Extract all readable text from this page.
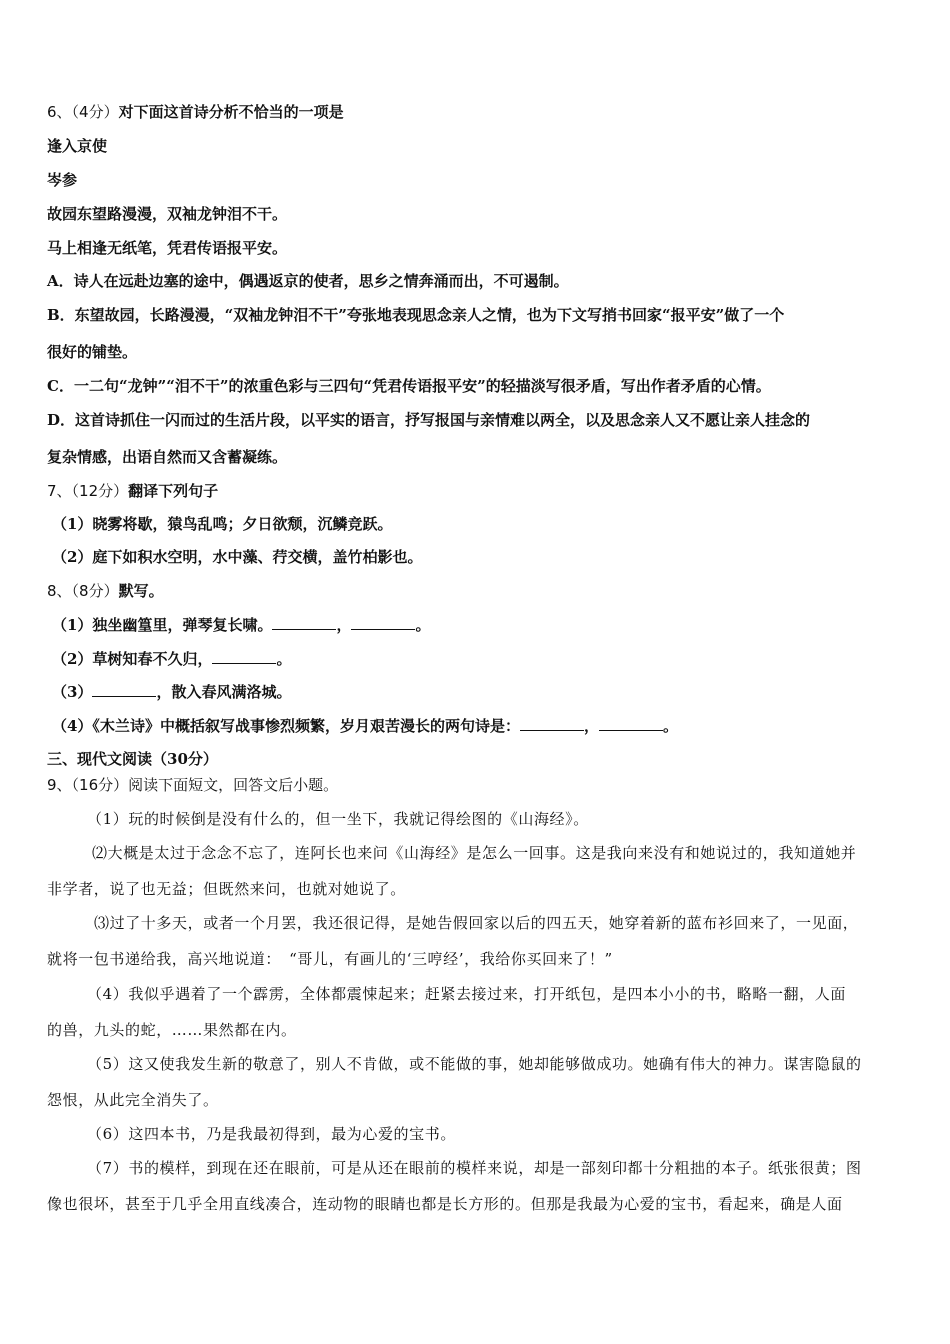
6、（4分）对下面这首诗分析不恰当的一项是
逢入京使
岑参
故园东望路漫漫，双袖龙钟泪不干。
马上相逢无纸笔，凭君传语报平安。
A．诗人在远赴边塞的途中，偶遇返京的使者，思乡之情奔涌而出，不可遏制。
B．东望故园，长路漫漫，“双袖龙钟泪不干”夸张地表现思念亲人之情，也为下文写捎书回家“报平安”做了一个
很好的铺垫。
C．一二句“龙钟”“泪不干”的浓重色彩与三四句“凭君传语报平安”的轻描淡写很矛盾，写出作者矛盾的心情。
D．这首诗抓住一闪而过的生活片段，以平实的语言，抒写报国与亲情难以两全，以及思念亲人又不愿让亲人挂念的
复杂情感，出语自然而又含蓄凝练。
7、（12分）翻译下列句子
（1）晓雾将歇，猿鸟乱鸣；夕日欲颓，沉鳞竞跃。
（2）庭下如积水空明，水中藻、荇交横，盖竹柏影也。
8、（8分）默写。
（1）独坐幽篁里，弹琴复长啸。	，	。
（2）草树知春不久归，	。
（3）	，散入春风满洛城。
（4）《木兰诗》中概括叙写战事惨烈频繁，岁月艰苦漫长的两句诗是：	，	。
三、现代文阅读（30分）
9、（16分）阅读下面短文，回答文后小题。
（1）玩的时候倒是没有什么的，但一坐下，我就记得绘图的《山海经》。
⑵大概是太过于念念不忘了，连阿长也来问《山海经》是怎么一回事。这是我向来没有和她说过的，我知道她并
非学者，说了也无益；但既然来问，也就对她说了。
⑶过了十多天，或者一个月罢，我还很记得，是她告假回家以后的四五天，她穿着新的蓝布衫回来了，一见面，
就将一包书递给我，高兴地说道：　“哥儿，有画儿的‘三哼经’，我给你买回来了！”
（4）我似乎遇着了一个霹雳，全体都震悚起来；赶紧去接过来，打开纸包，是四本小小的书，略略一翻，人面
的兽，九头的蛇，……果然都在内。
（5）这又使我发生新的敬意了，别人不肯做，或不能做的事，她却能够做成功。她确有伟大的神力。谋害隐鼠的
怨恨，从此完全消失了。
（6）这四本书，乃是我最初得到，最为心爱的宝书。
（7）书的模样，到现在还在眼前，可是从还在眼前的模样来说，却是一部刻印都十分粗拙的本子。纸张很黄；图
像也很坏，甚至于几乎全用直线凑合，连动物的眼睛也都是长方形的。但那是我最为心爱的宝书，看起来，确是人面
